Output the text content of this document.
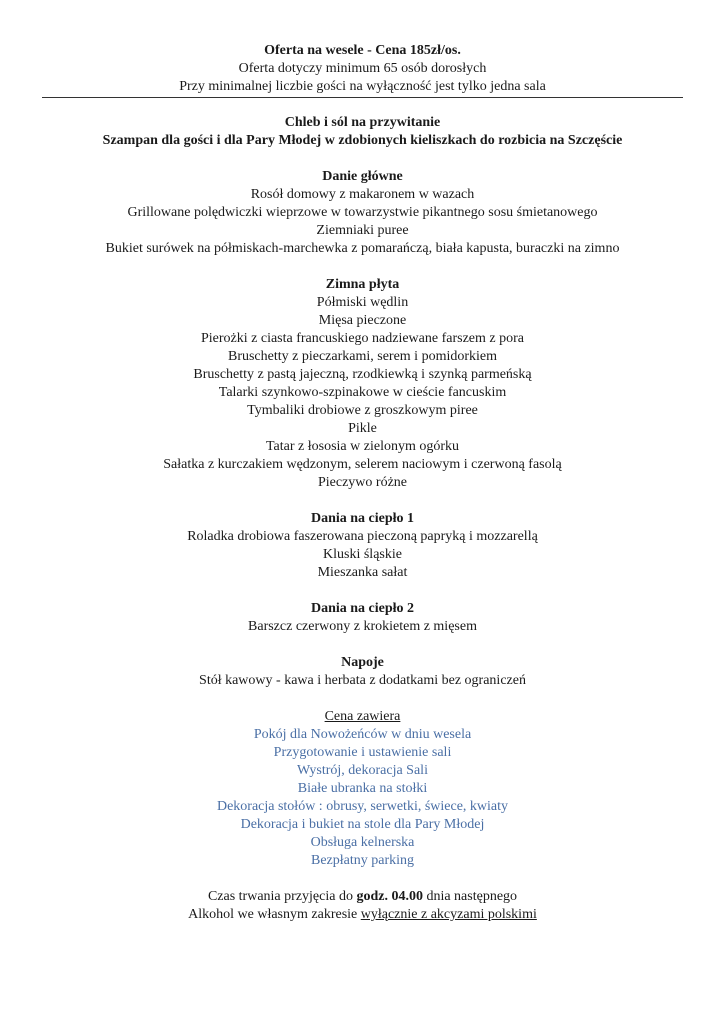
Oferta na wesele - Cena 185zł/os.
Oferta dotyczy minimum 65 osób dorosłych
Przy minimalnej liczbie gości na wyłączność jest tylko jedna sala
Chleb i sól na przywitanie
Szampan dla gości i dla Pary Młodej w zdobionych kieliszkach do rozbicia na Szczęście
Danie główne
Rosół domowy z makaronem w wazach
Grillowane polędwiczki wieprzowe w towarzystwie pikantnego sosu śmietanowego
Ziemniaki puree
Bukiet surówek na półmiskach-marchewka z pomarańczą, biała kapusta, buraczki na zimno
Zimna płyta
Półmiski wędlin
Mięsa pieczone
Pierożki z ciasta francuskiego nadziewane farszem z pora
Bruschetty z pieczarkami, serem i pomidorkiem
Bruschetty z pastą jajeczną, rzodkiewką i szynką parmeńską
Talarki szynkowo-szpinakowe w cieście fancuskim
Tymbaliki drobiowe z groszkowym piree
Pikle
Tatar z łososia w zielonym ogórku
Sałatka z kurczakiem wędzonym, selerem naciowym i czerwoną fasolą
Pieczywo różne
Dania na ciepło 1
Roladka drobiowa faszerowana pieczoną papryką i mozzarellą
Kluski śląskie
Mieszanka sałat
Dania na ciepło 2
Barszcz czerwony z krokietem z mięsem
Napoje
Stół kawowy - kawa i herbata z dodatkami bez ograniczeń
Cena zawiera
Pokój dla Nowożeńców w dniu wesela
Przygotowanie i ustawienie sali
Wystrój, dekoracja Sali
Białe ubranka na stołki
Dekoracja stołów : obrusy, serwetki, świece, kwiaty
Dekoracja i bukiet na stole dla Pary Młodej
Obsługa kelnerska
Bezpłatny parking
Czas trwania przyjęcia do godz. 04.00 dnia następnego
Alkohol we własnym zakresie wyłącznie z akcyzami polskimi
